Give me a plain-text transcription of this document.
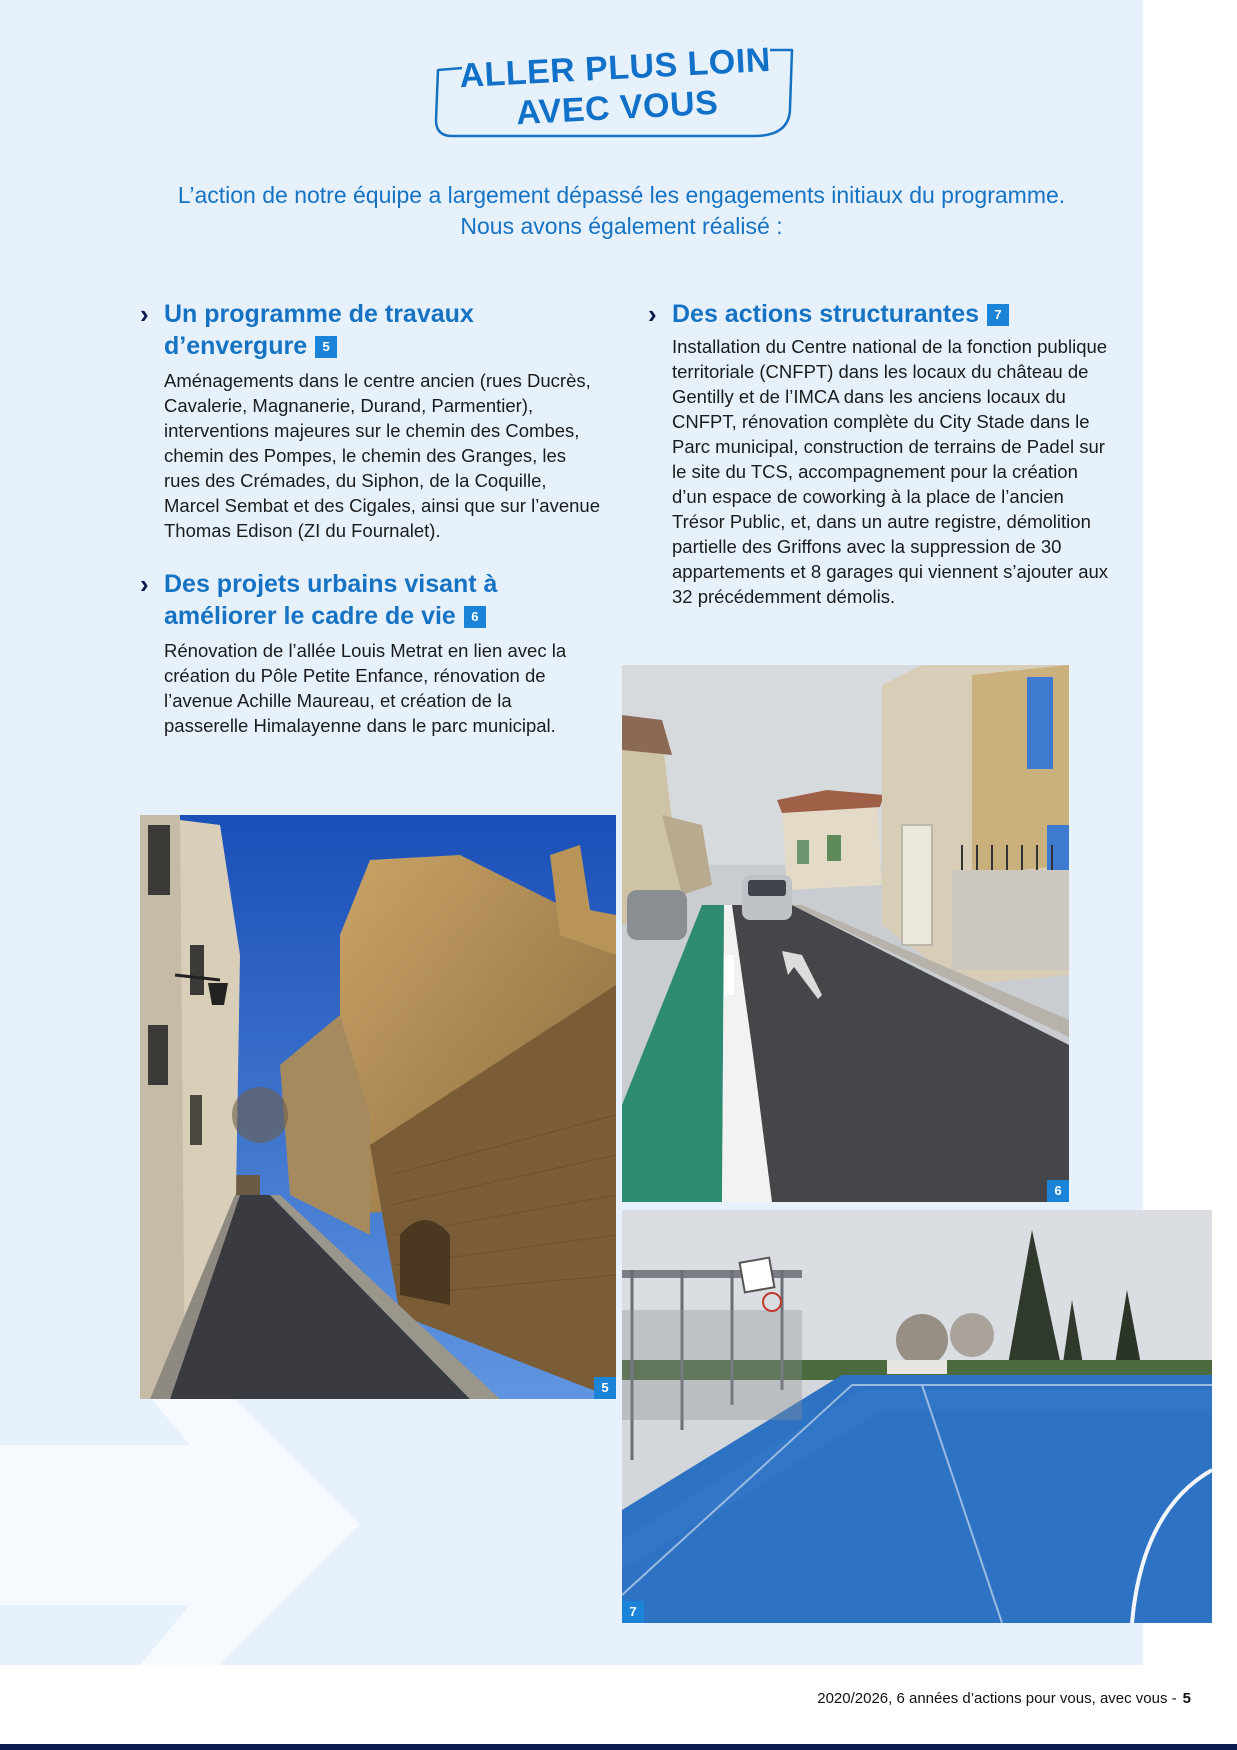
ALLER PLUS LOIN
AVEC VOUS
L’action de notre équipe a largement dépassé les engagements initiaux du programme.
Nous avons également réalisé :
› Un programme de travaux d’envergure 5
Aménagements dans le centre ancien (rues Ducrès, Cavalerie, Magnanerie, Durand, Parmentier), interventions majeures sur le chemin des Combes, chemin des Pompes, le chemin des Granges, les rues des Crémades, du Siphon, de la Coquille, Marcel Sembat et des Cigales, ainsi que sur l’avenue Thomas Edison (ZI du Fournalet).
› Des projets urbains visant à améliorer le cadre de vie 6
Rénovation de l’allée Louis Metrat en lien avec la création du Pôle Petite Enfance, rénovation de l’avenue Achille Maureau, et création de la passerelle Himalayenne dans le parc municipal.
› Des actions structurantes 7
Installation du Centre national de la fonction publique territoriale (CNFPT) dans les locaux du château de Gentilly et de l’IMCA dans les anciens locaux du CNFPT, rénovation complète du City Stade dans le Parc municipal, construction de terrains de Padel sur le site du TCS, accompagnement pour la création d’un espace de coworking à la place de l’ancien Trésor Public, et, dans un autre registre, démolition partielle des Griffons avec la suppression de 30 appartements et 8 garages qui viennent s’ajouter aux 32 précédemment démolis.
5
6
7
2020/2026, 6 années d’actions pour vous, avec vous - 5
